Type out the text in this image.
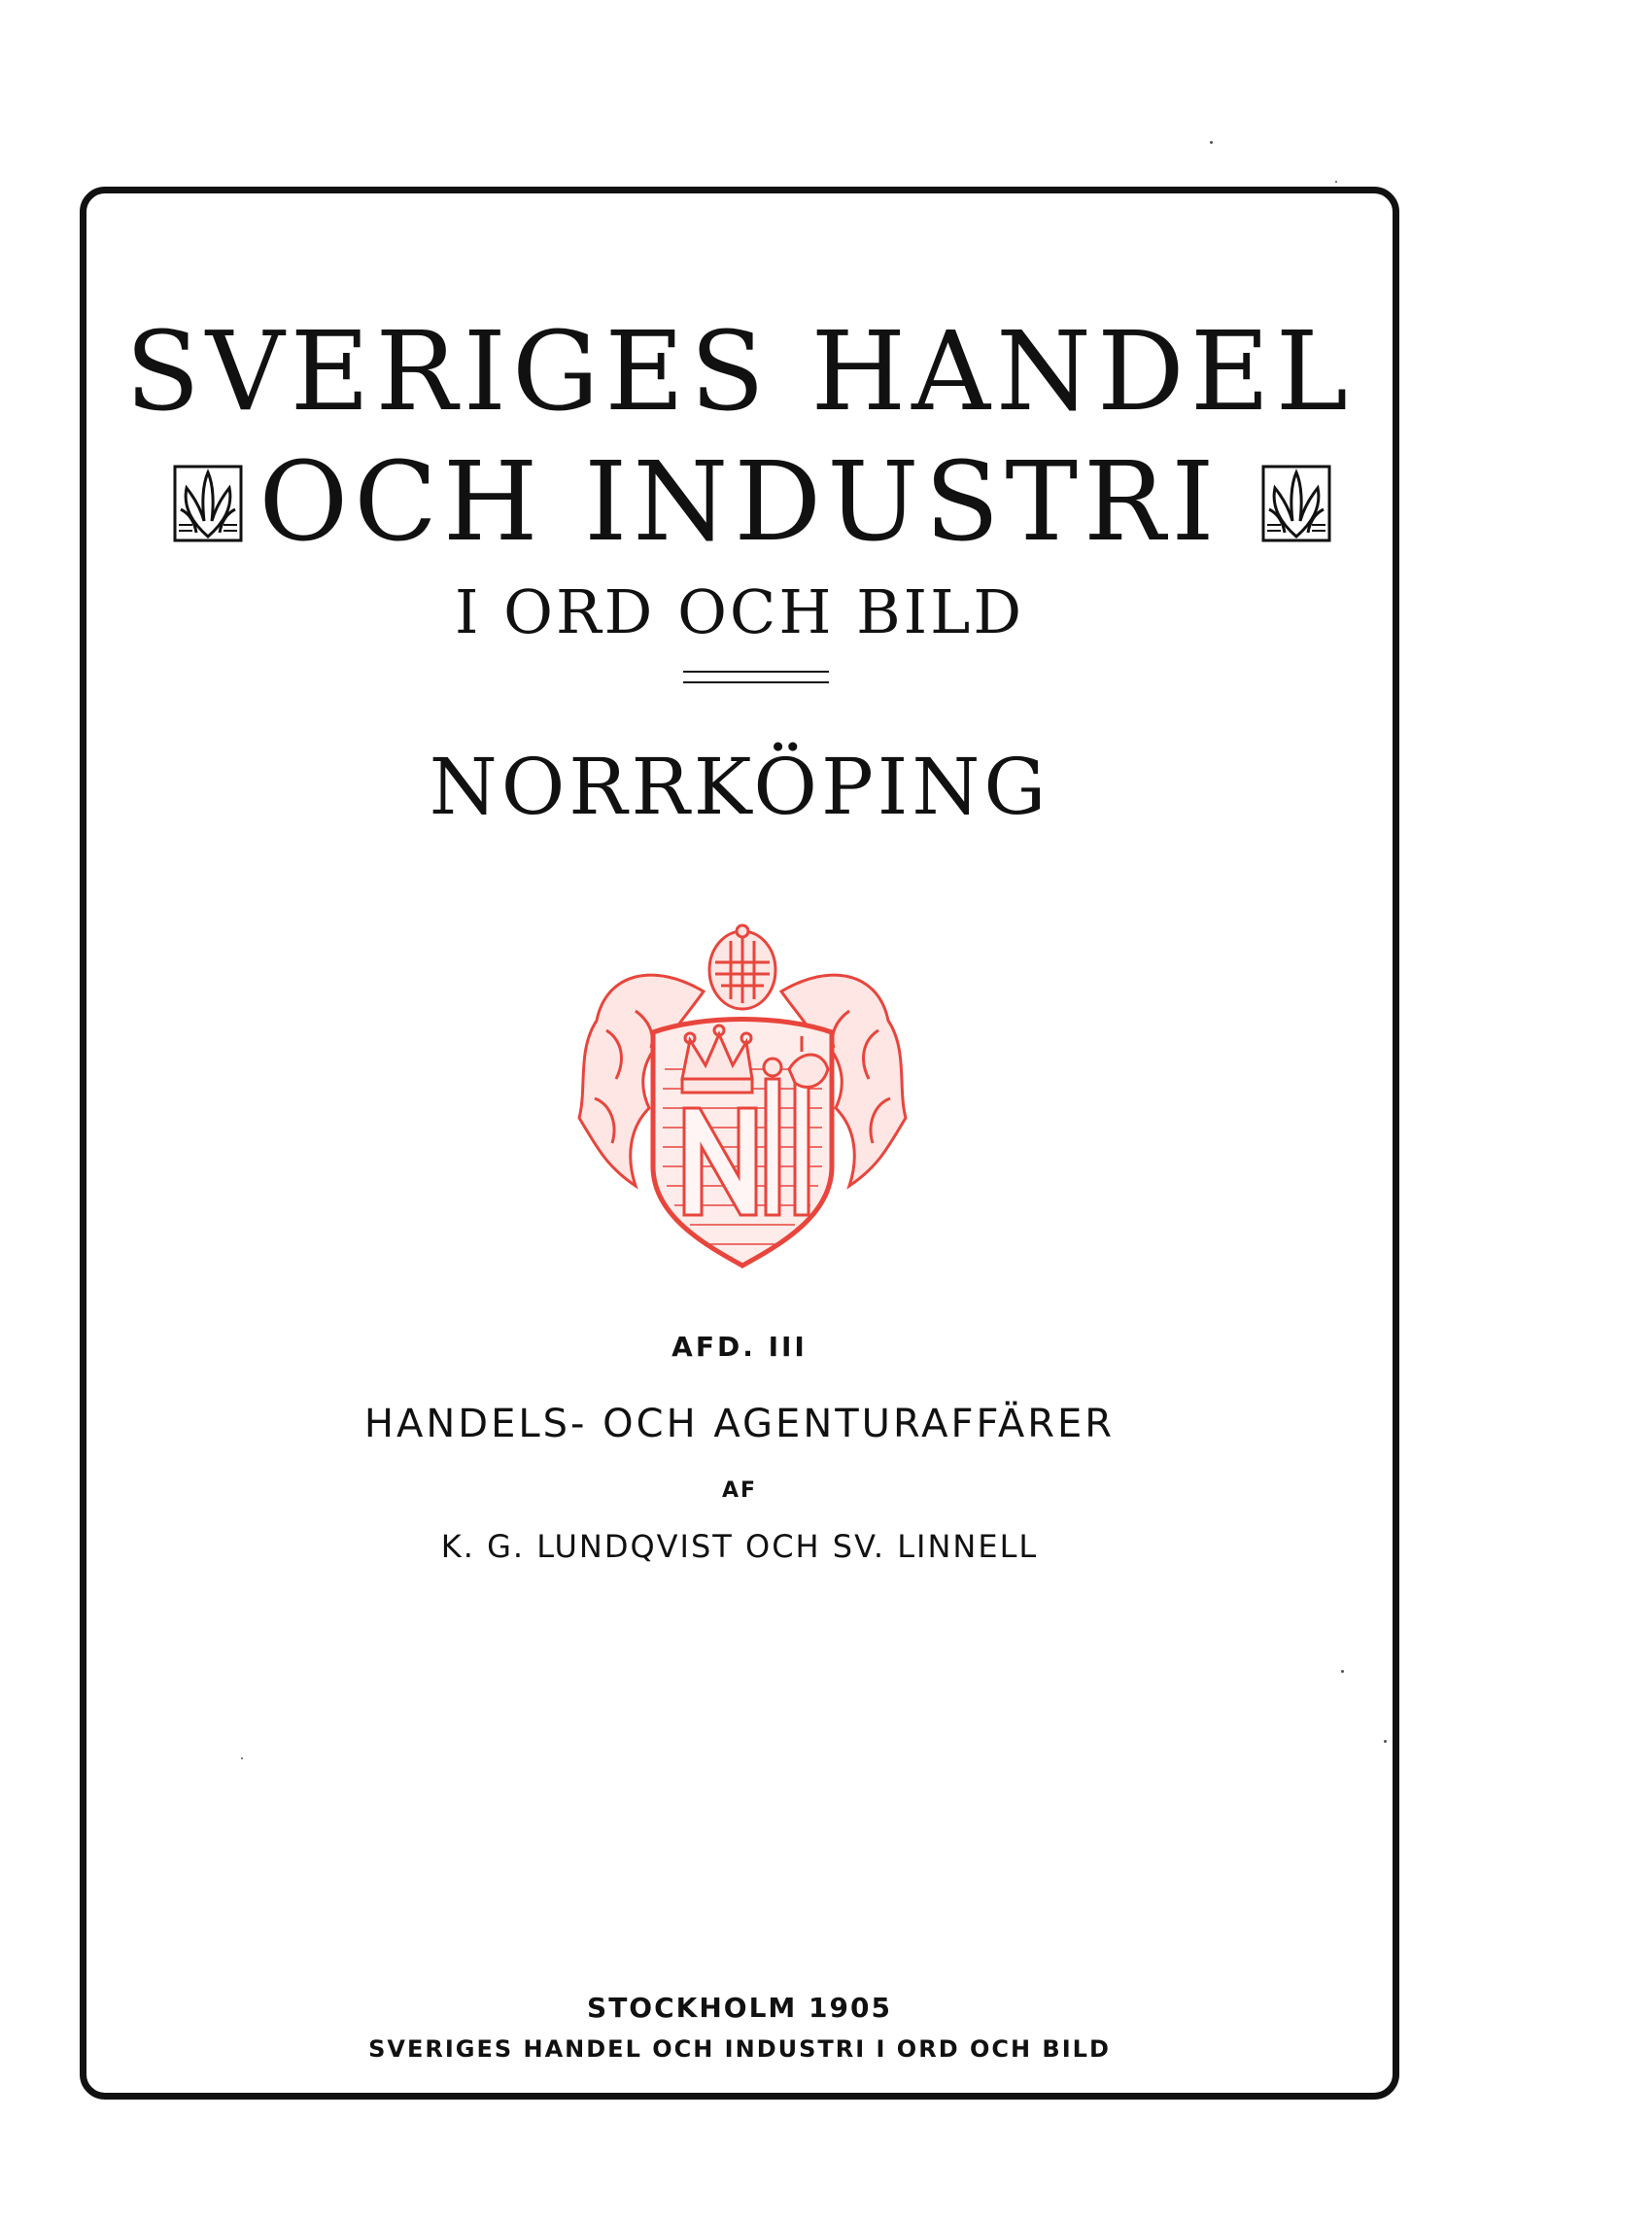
SVERIGES HANDEL
OCH INDUSTRI
I ORD OCH BILD
NORRKÖPING
AFD. III
HANDELS- OCH AGENTURAFFÄRER
AF
K. G. LUNDQVIST OCH SV. LINNELL
STOCKHOLM 1905
SVERIGES HANDEL OCH INDUSTRI I ORD OCH BILD
